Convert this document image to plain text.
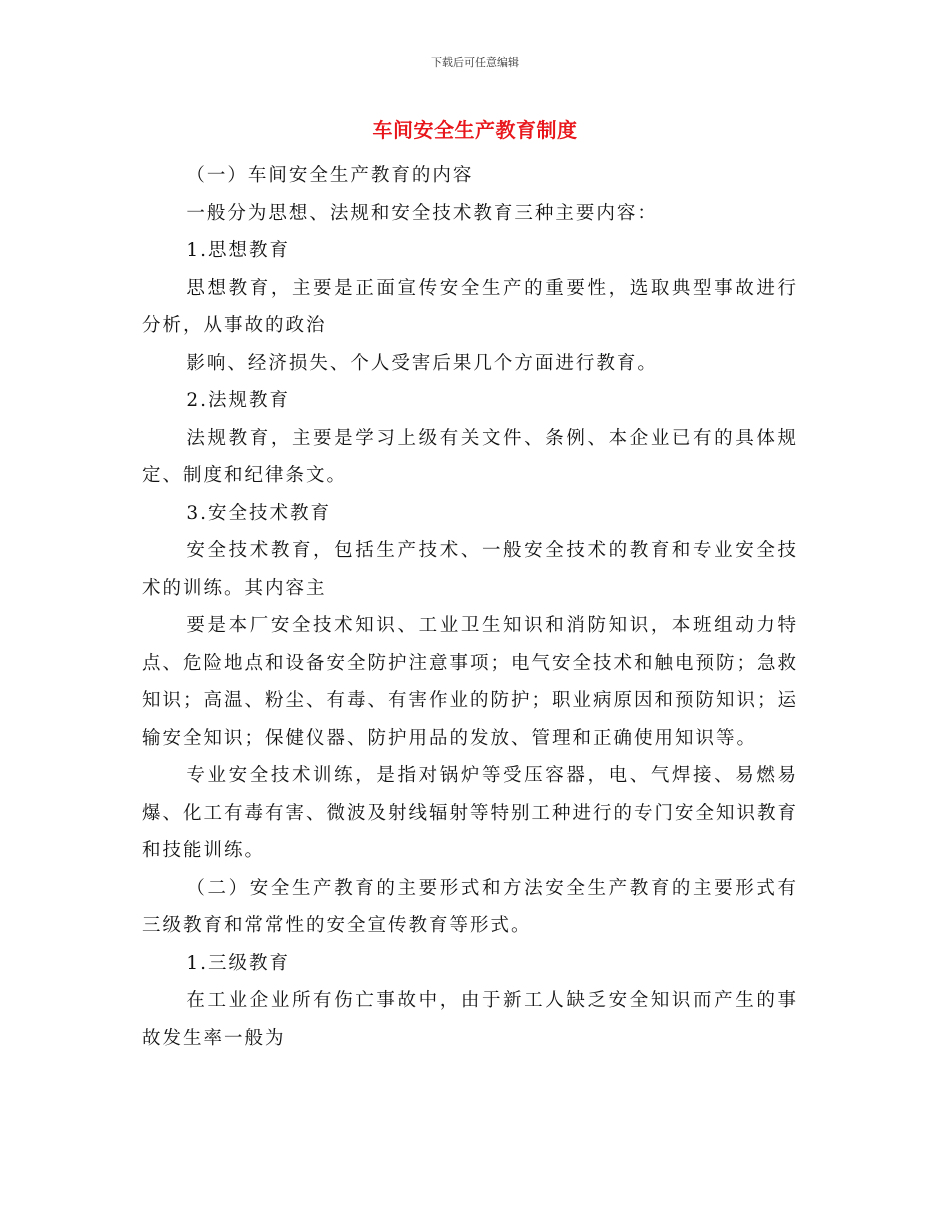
下载后可任意编辑
车间安全生产教育制度

（一）车间安全生产教育的内容

一般分为思想、法规和安全技术教育三种主要内容：

1.思想教育

思想教育，主要是正面宣传安全生产的重要性，选取典型事故进行分析，从事故的政治

影响、经济损失、个人受害后果几个方面进行教育。

2.法规教育

法规教育，主要是学习上级有关文件、条例、本企业已有的具体规定、制度和纪律条文。

3.安全技术教育

安全技术教育，包括生产技术、一般安全技术的教育和专业安全技术的训练。其内容主

要是本厂安全技术知识、工业卫生知识和消防知识，本班组动力特点、危险地点和设备安全防护注意事项；电气安全技术和触电预防；急救知识；高温、粉尘、有毒、有害作业的防护；职业病原因和预防知识；运输安全知识；保健仪器、防护用品的发放、管理和正确使用知识等。

专业安全技术训练，是指对锅炉等受压容器，电、气焊接、易燃易爆、化工有毒有害、微波及射线辐射等特别工种进行的专门安全知识教育和技能训练。

（二）安全生产教育的主要形式和方法安全生产教育的主要形式有三级教育和常常性的安全宣传教育等形式。

1.三级教育

在工业企业所有伤亡事故中，由于新工人缺乏安全知识而产生的事故发生率一般为
